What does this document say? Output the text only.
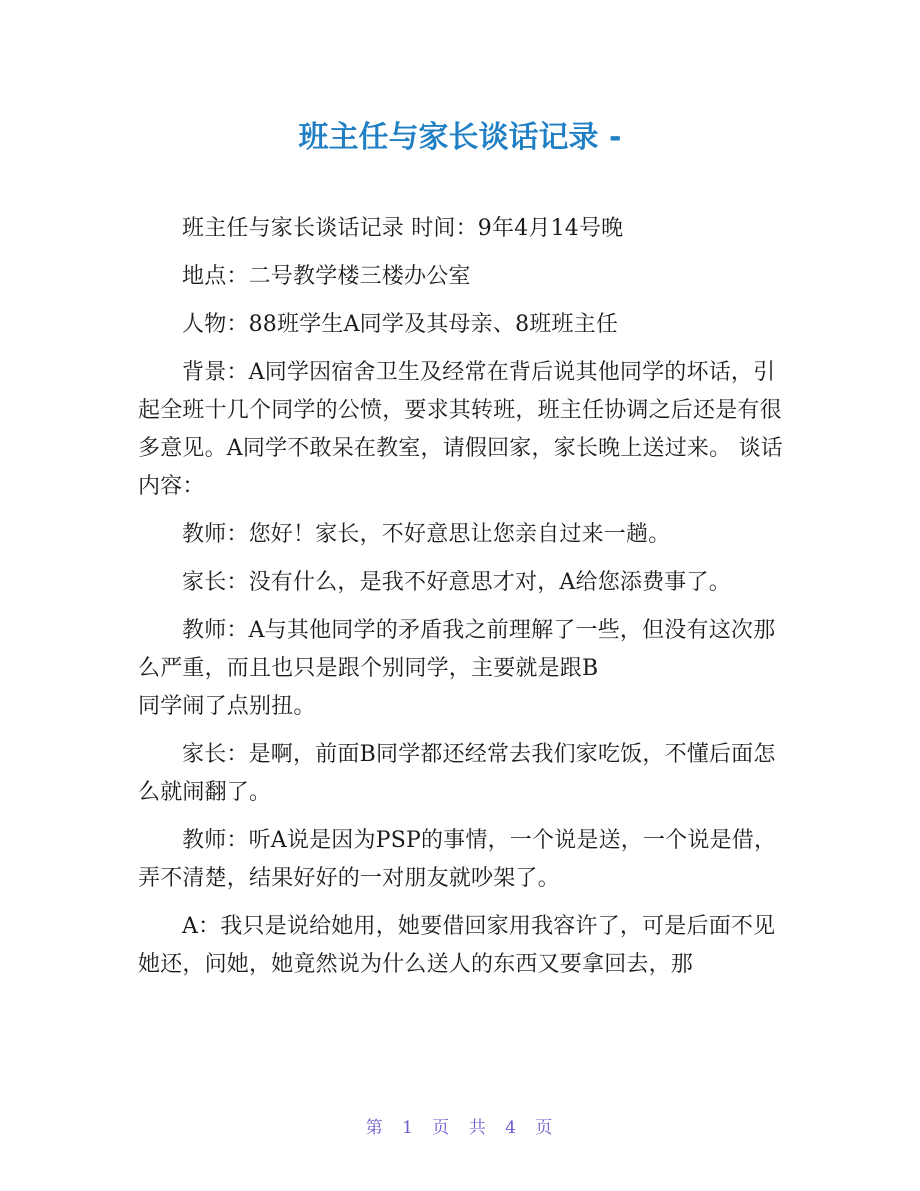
班主任与家长谈话记录 -

班主任与家长谈话记录 时间：9年4月14号晚

地点：二号教学楼三楼办公室

人物：88班学生A同学及其母亲、8班班主任

背景：A同学因宿舍卫生及经常在背后说其他同学的坏话，引起全班十几个同学的公愤，要求其转班，班主任协调之后还是有很多意见。A同学不敢呆在教室，请假回家，家长晚上送过来。 谈话内容：

教师：您好！家长，不好意思让您亲自过来一趟。

家长：没有什么，是我不好意思才对，A给您添费事了。

教师：A与其他同学的矛盾我之前理解了一些，但没有这次那么严重，而且也只是跟个别同学，主要就是跟B

同学闹了点别扭。

家长：是啊，前面B同学都还经常去我们家吃饭，不懂后面怎么就闹翻了。

教师：听A说是因为PSP的事情，一个说是送，一个说是借，弄不清楚，结果好好的一对朋友就吵架了。

A：我只是说给她用，她要借回家用我容许了，可是后面不见她还，问她，她竟然说为什么送人的东西又要拿回去，那

第 1 页 共 4 页
